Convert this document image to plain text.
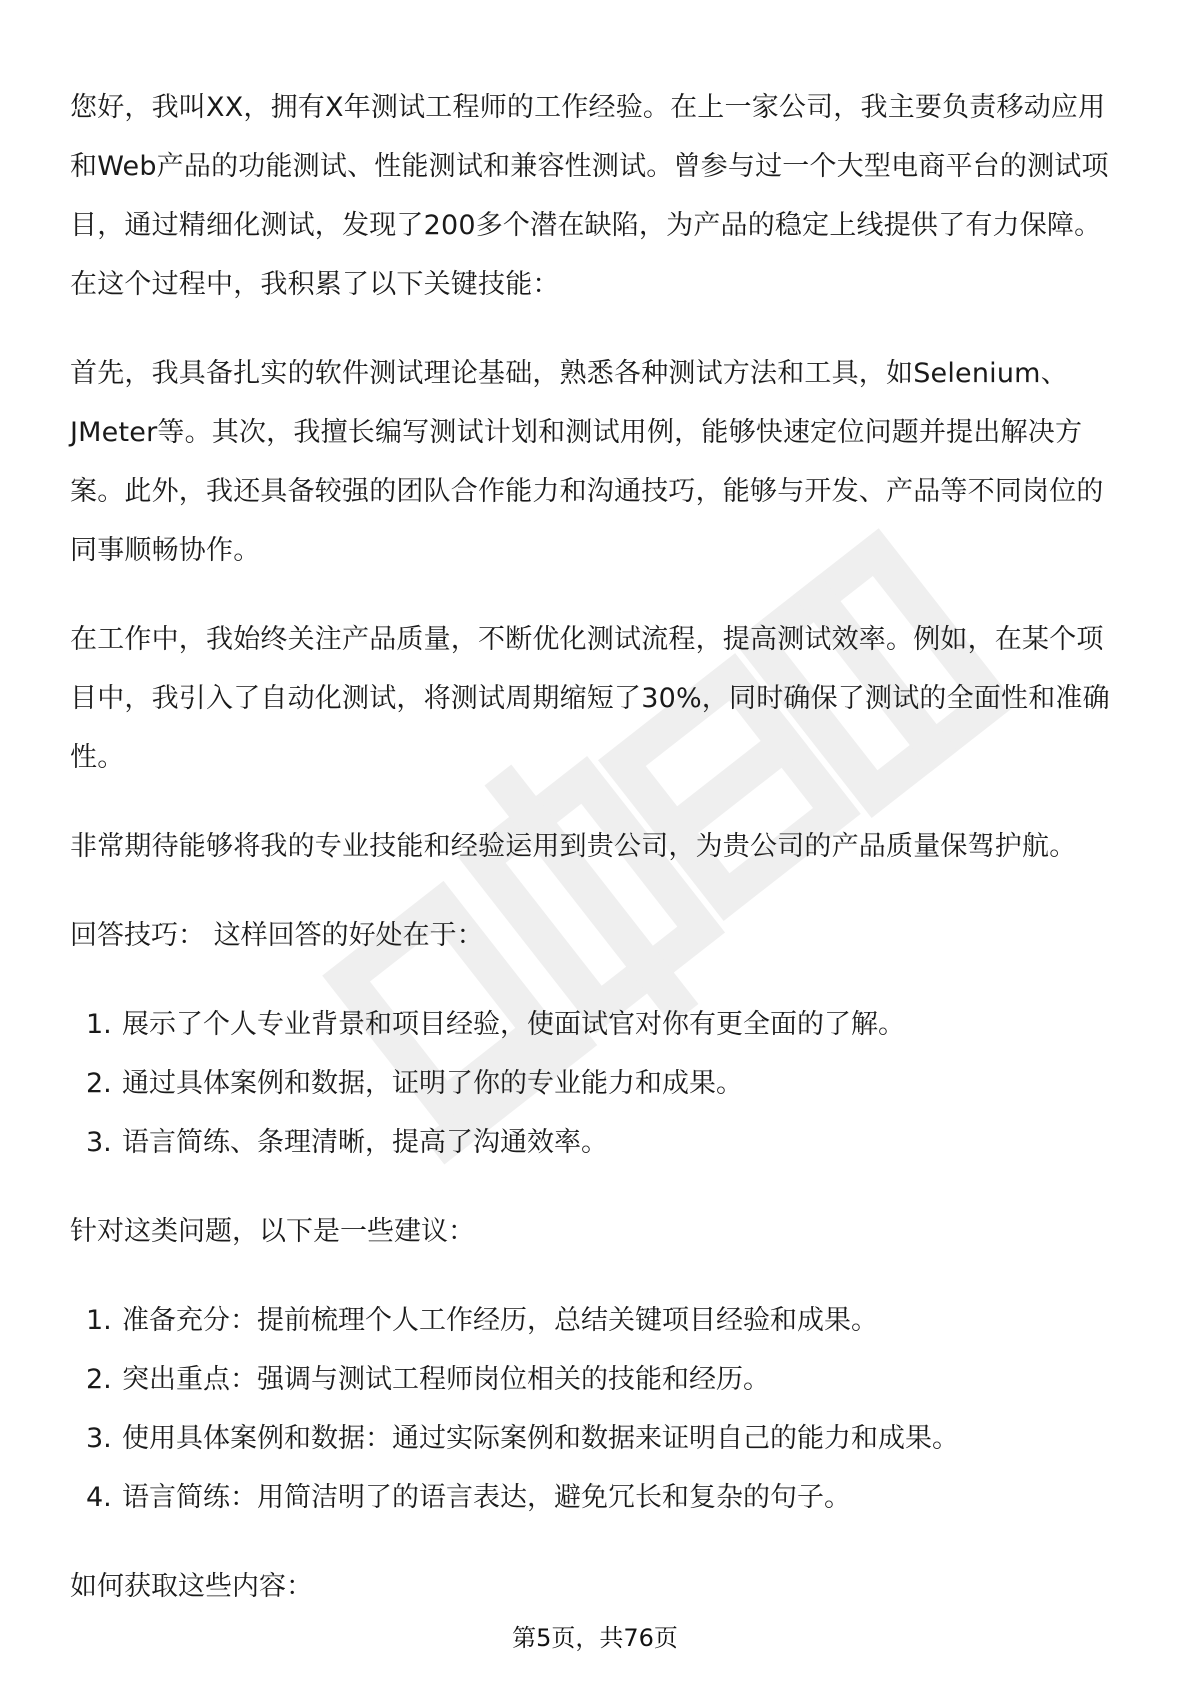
您好，我叫XX，拥有X年测试工程师的工作经验。在上一家公司，我主要负责移动应用和Web产品的功能测试、性能测试和兼容性测试。曾参与过一个大型电商平台的测试项目，通过精细化测试，发现了200多个潜在缺陷，为产品的稳定上线提供了有力保障。在这个过程中，我积累了以下关键技能：

首先，我具备扎实的软件测试理论基础，熟悉各种测试方法和工具，如Selenium、JMeter等。其次，我擅长编写测试计划和测试用例，能够快速定位问题并提出解决方案。此外，我还具备较强的团队合作能力和沟通技巧，能够与开发、产品等不同岗位的同事顺畅协作。

在工作中，我始终关注产品质量，不断优化测试流程，提高测试效率。例如，在某个项目中，我引入了自动化测试，将测试周期缩短了30%，同时确保了测试的全面性和准确性。

非常期待能够将我的专业技能和经验运用到贵公司，为贵公司的产品质量保驾护航。

回答技巧： 这样回答的好处在于：

1. 展示了个人专业背景和项目经验，使面试官对你有更全面的了解。
2. 通过具体案例和数据，证明了你的专业能力和成果。
3. 语言简练、条理清晰，提高了沟通效率。

针对这类问题，以下是一些建议：

1. 准备充分：提前梳理个人工作经历，总结关键项目经验和成果。
2. 突出重点：强调与测试工程师岗位相关的技能和经历。
3. 使用具体案例和数据：通过实际案例和数据来证明自己的能力和成果。
4. 语言简练：用简洁明了的语言表达，避免冗长和复杂的句子。

如何获取这些内容：

第5页，共76页
